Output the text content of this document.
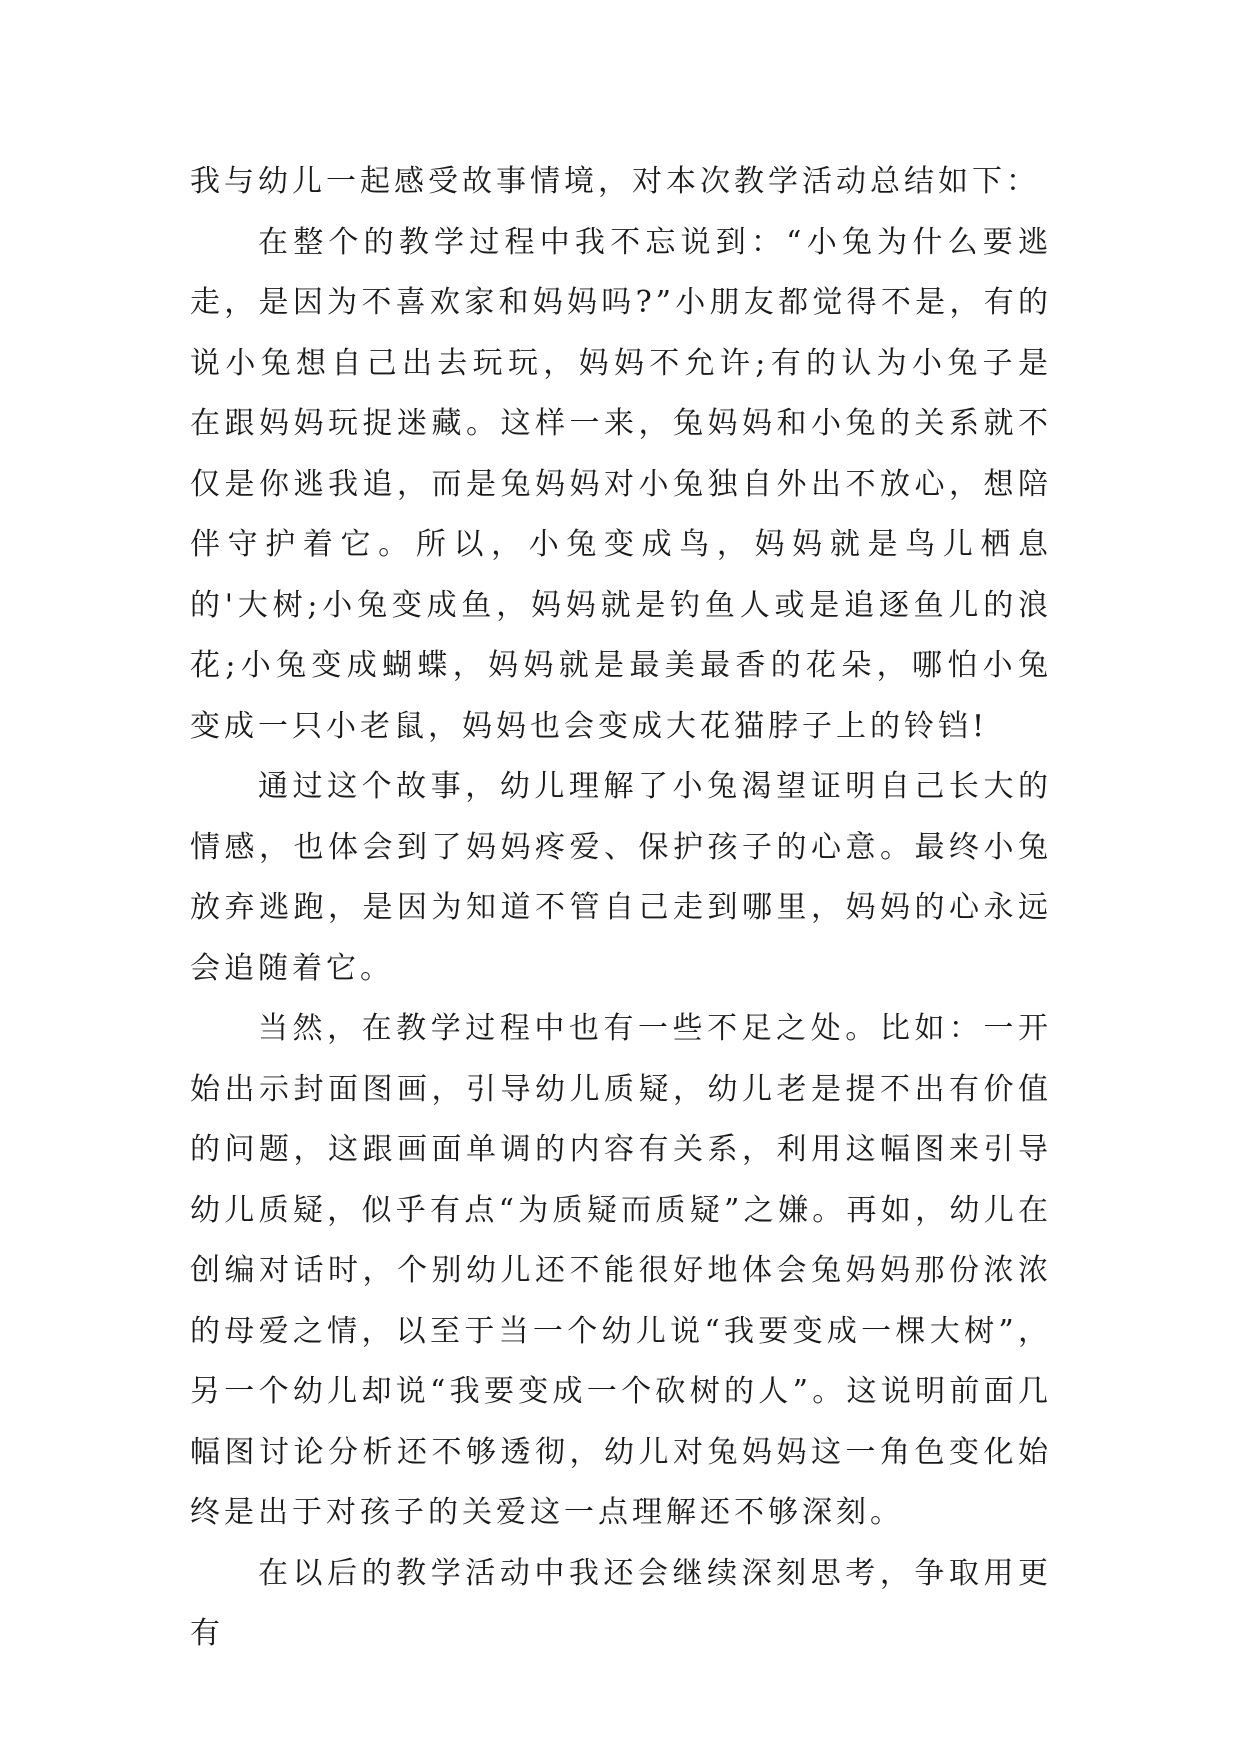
我与幼儿一起感受故事情境，对本次教学活动总结如下：

在整个的教学过程中我不忘说到：“小兔为什么要逃走，是因为不喜欢家和妈妈吗?”小朋友都觉得不是，有的说小兔想自己出去玩玩，妈妈不允许;有的认为小兔子是在跟妈妈玩捉迷藏。这样一来，兔妈妈和小兔的关系就不仅是你逃我追，而是兔妈妈对小兔独自外出不放心，想陪伴守护着它。所以，小兔变成鸟，妈妈就是鸟儿栖息的'大树;小兔变成鱼，妈妈就是钓鱼人或是追逐鱼儿的浪花;小兔变成蝴蝶，妈妈就是最美最香的花朵，哪怕小兔变成一只小老鼠，妈妈也会变成大花猫脖子上的铃铛!

通过这个故事，幼儿理解了小兔渴望证明自己长大的情感，也体会到了妈妈疼爱、保护孩子的心意。最终小兔放弃逃跑，是因为知道不管自己走到哪里，妈妈的心永远会追随着它。

当然，在教学过程中也有一些不足之处。比如：一开始出示封面图画，引导幼儿质疑，幼儿老是提不出有价值的问题，这跟画面单调的内容有关系，利用这幅图来引导幼儿质疑，似乎有点“为质疑而质疑”之嫌。再如，幼儿在创编对话时，个别幼儿还不能很好地体会兔妈妈那份浓浓的母爱之情，以至于当一个幼儿说“我要变成一棵大树”，另一个幼儿却说“我要变成一个砍树的人”。这说明前面几幅图讨论分析还不够透彻，幼儿对兔妈妈这一角色变化始终是出于对孩子的关爱这一点理解还不够深刻。

在以后的教学活动中我还会继续深刻思考，争取用更有
